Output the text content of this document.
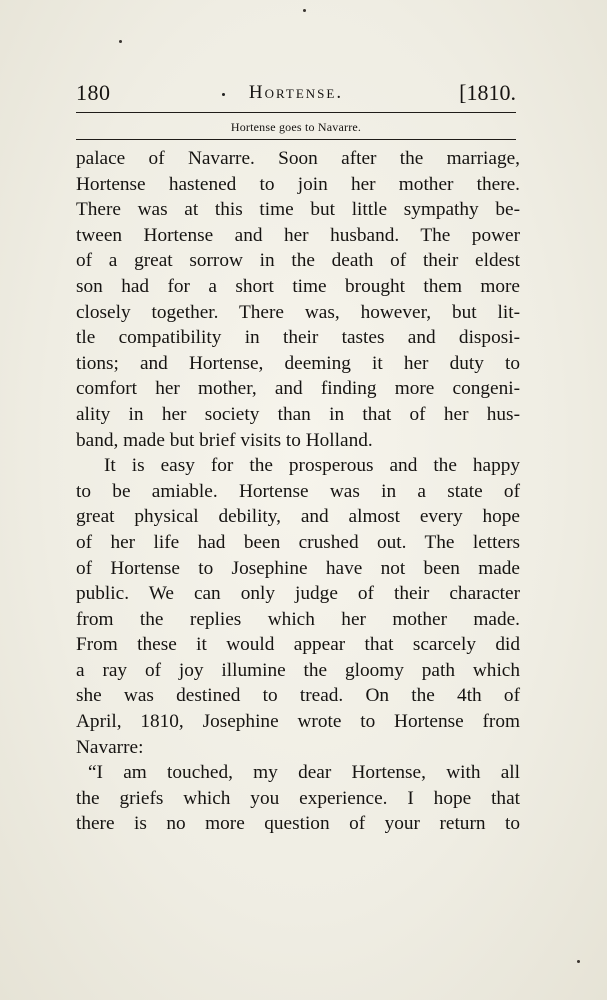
180	Hortense.	[1810.
Hortense goes to Navarre.
palace of Navarre. Soon after the marriage,
Hortense hastened to join her mother there.
There was at this time but little sympathy be-
tween Hortense and her husband. The power
of a great sorrow in the death of their eldest
son had for a short time brought them more
closely together. There was, however, but lit-
tle compatibility in their tastes and disposi-
tions; and Hortense, deeming it her duty to
comfort her mother, and finding more congeni-
ality in her society than in that of her hus-
band, made but brief visits to Holland.
It is easy for the prosperous and the happy
to be amiable. Hortense was in a state of
great physical debility, and almost every hope
of her life had been crushed out. The letters
of Hortense to Josephine have not been made
public. We can only judge of their character
from the replies which her mother made.
From these it would appear that scarcely did
a ray of joy illumine the gloomy path which
she was destined to tread. On the 4th of
April, 1810, Josephine wrote to Hortense from
Navarre:
“I am touched, my dear Hortense, with all
the griefs which you experience. I hope that
there is no more question of your return to
